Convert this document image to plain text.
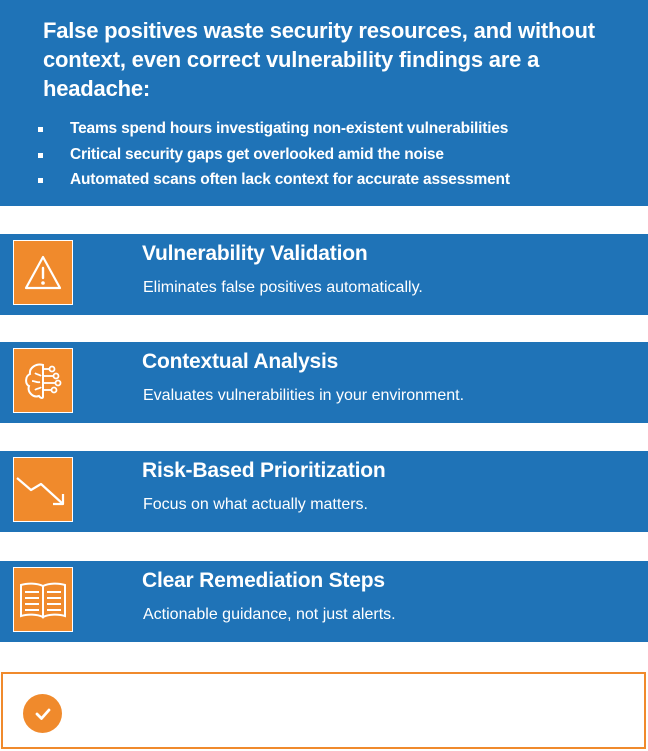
False positives waste security resources, and without context, even correct vulnerability findings are a headache:
Teams spend hours investigating non-existent vulnerabilities
Critical security gaps get overlooked amid the noise
Automated scans often lack context for accurate assessment
Vulnerability Validation
Eliminates false positives automatically.
Contextual Analysis
Evaluates vulnerabilities in your environment.
Risk-Based Prioritization
Focus on what actually matters.
Clear Remediation Steps
Actionable guidance, not just alerts.
